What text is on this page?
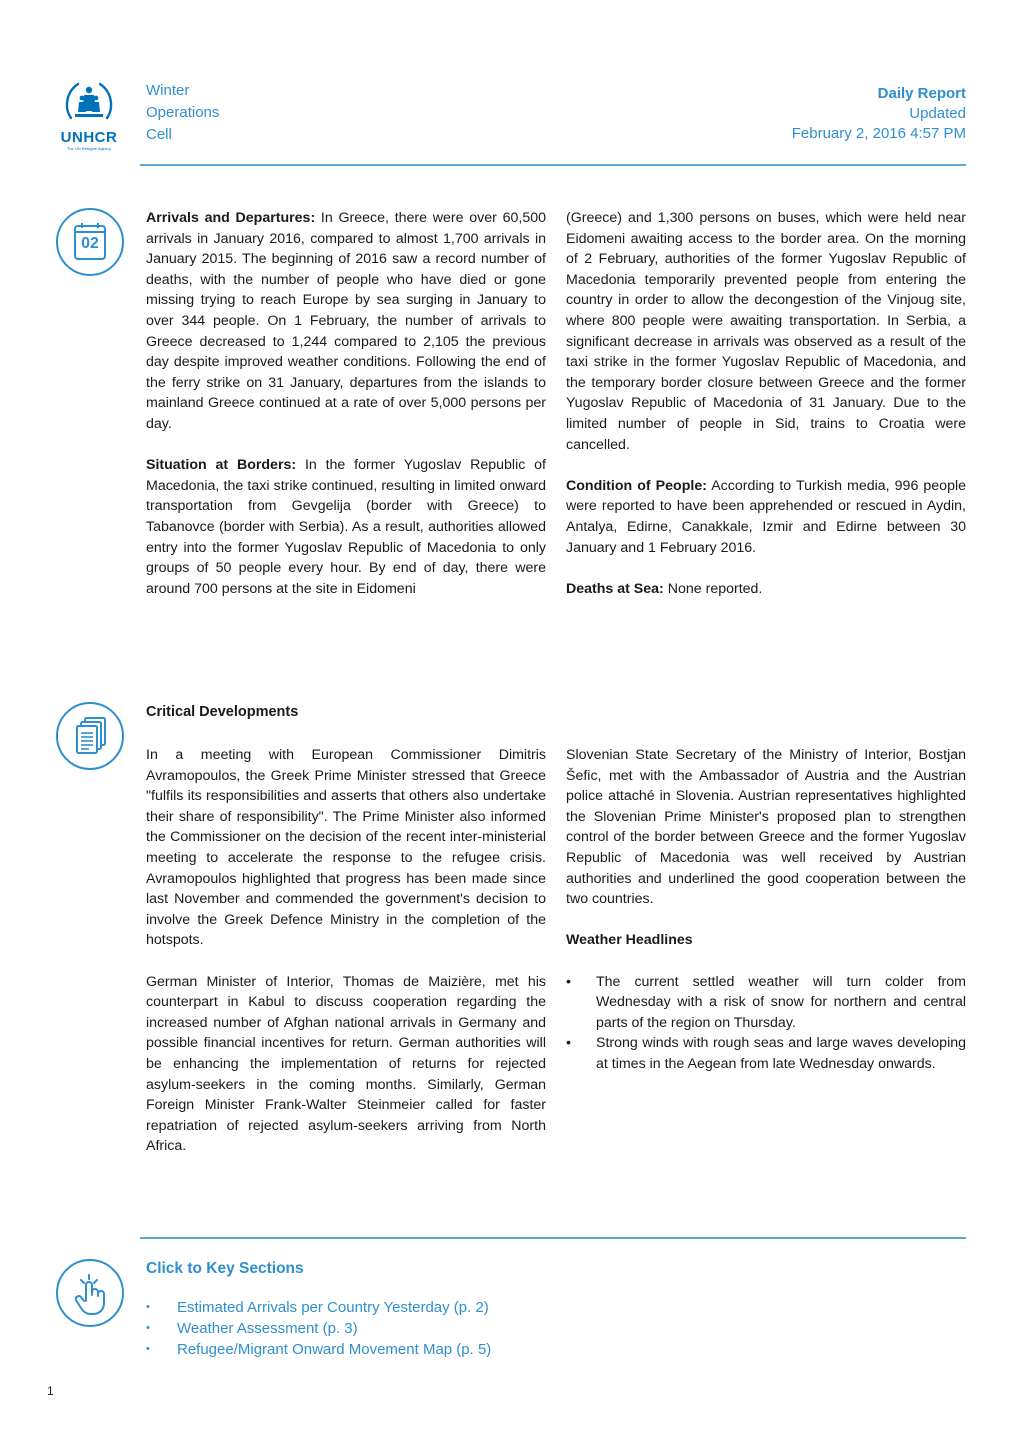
UNHCR
The UN Refugee Agency
Winter
Operations
Cell
Daily Report
Updated
February 2, 2016 4:57 PM
02

Arrivals and Departures: In Greece, there were over 60,500 arrivals in January 2016, compared to almost 1,700 arrivals in January 2015. The beginning of 2016 saw a record number of deaths, with the number of people who have died or gone missing trying to reach Europe by sea surging in January to over 344 people. On 1 February, the number of arrivals to Greece decreased to 1,244 compared to 2,105 the previous day despite improved weather conditions. Following the end of the ferry strike on 31 January, departures from the islands to mainland Greece continued at a rate of over 5,000 persons per day.

Situation at Borders: In the former Yugoslav Republic of Macedonia, the taxi strike continued, resulting in limited onward transportation from Gevgelija (border with Greece) to Tabanovce (border with Serbia). As a result, authorities allowed entry into the former Yugoslav Republic of Macedonia to only groups of 50 people every hour. By end of day, there were around 700 persons at the site in Eidomeni

(Greece) and 1,300 persons on buses, which were held near Eidomeni awaiting access to the border area. On the morning of 2 February, authorities of the former Yugoslav Republic of Macedonia temporarily prevented people from entering the country in order to allow the decongestion of the Vinjoug site, where 800 people were awaiting transportation. In Serbia, a significant decrease in arrivals was observed as a result of the taxi strike in the former Yugoslav Republic of Macedonia, and the temporary border closure between Greece and the former Yugoslav Republic of Macedonia of 31 January. Due to the limited number of people in Sid, trains to Croatia were cancelled.

Condition of People: According to Turkish media, 996 people were reported to have been apprehended or rescued in Aydin, Antalya, Edirne, Canakkale, Izmir and Edirne between 30 January and 1 February 2016.

Deaths at Sea: None reported.

Critical Developments

In a meeting with European Commissioner Dimitris Avramopoulos, the Greek Prime Minister stressed that Greece "fulfils its responsibilities and asserts that others also undertake their share of responsibility". The Prime Minister also informed the Commissioner on the decision of the recent inter-ministerial meeting to accelerate the response to the refugee crisis. Avramopoulos highlighted that progress has been made since last November and commended the government's decision to involve the Greek Defence Ministry in the completion of the hotspots.

German Minister of Interior, Thomas de Maizière, met his counterpart in Kabul to discuss cooperation regarding the increased number of Afghan national arrivals in Germany and possible financial incentives for return. German authorities will be enhancing the implementation of returns for rejected asylum-seekers in the coming months. Similarly, German Foreign Minister Frank-Walter Steinmeier called for faster repatriation of rejected asylum-seekers arriving from North Africa.

Slovenian State Secretary of the Ministry of Interior, Bostjan Šefic, met with the Ambassador of Austria and the Austrian police attaché in Slovenia. Austrian representatives highlighted the Slovenian Prime Minister's proposed plan to strengthen control of the border between Greece and the former Yugoslav Republic of Macedonia was well received by Austrian authorities and underlined the good cooperation between the two countries.

Weather Headlines

• The current settled weather will turn colder from Wednesday with a risk of snow for northern and central parts of the region on Thursday.
• Strong winds with rough seas and large waves developing at times in the Aegean from late Wednesday onwards.
Click to Key Sections
• Estimated Arrivals per Country Yesterday (p. 2)
• Weather Assessment (p. 3)
• Refugee/Migrant Onward Movement Map (p. 5)
1
